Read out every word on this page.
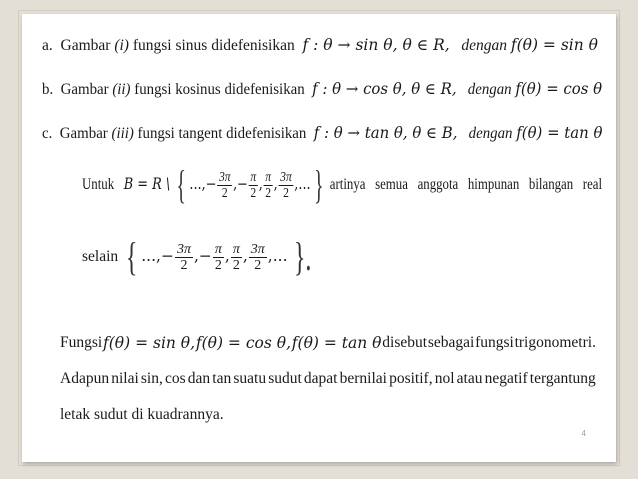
a. Gambar (i) fungsi sinus didefenisikan f : θ → sin θ, θ ∈ R, dengan f(θ) = sin θ
b. Gambar (ii) fungsi kosinus didefenisikan f : θ → cos θ, θ ∈ R, dengan f(θ) = cos θ
c. Gambar (iii) fungsi tangent didefenisikan f : θ → tan θ, θ ∈ B, dengan f(θ) = tan θ
Untuk B = R \ { ...,− $\frac{3\pi}{2}$ ,− $\frac{\pi}{2}$ , $\frac{\pi}{2}$ , $\frac{3\pi}{2}$ ,...} artinya semua anggota himpunan bilangan real
selain { ...,− $\frac{3\pi}{2}$ ,− $\frac{\pi}{2}$ , $\frac{\pi}{2}$ , $\frac{3\pi}{2}$ ,... }.
Fungsi f(θ) = sin θ, f(θ) = cos θ, f(θ) = tan θ disebut sebagai fungsi trigonometri.
Adapun nilai sin, cos dan tan suatu sudut dapat bernilai positif, nol atau negatif tergantung
letak sudut di kuadrannya.
4
